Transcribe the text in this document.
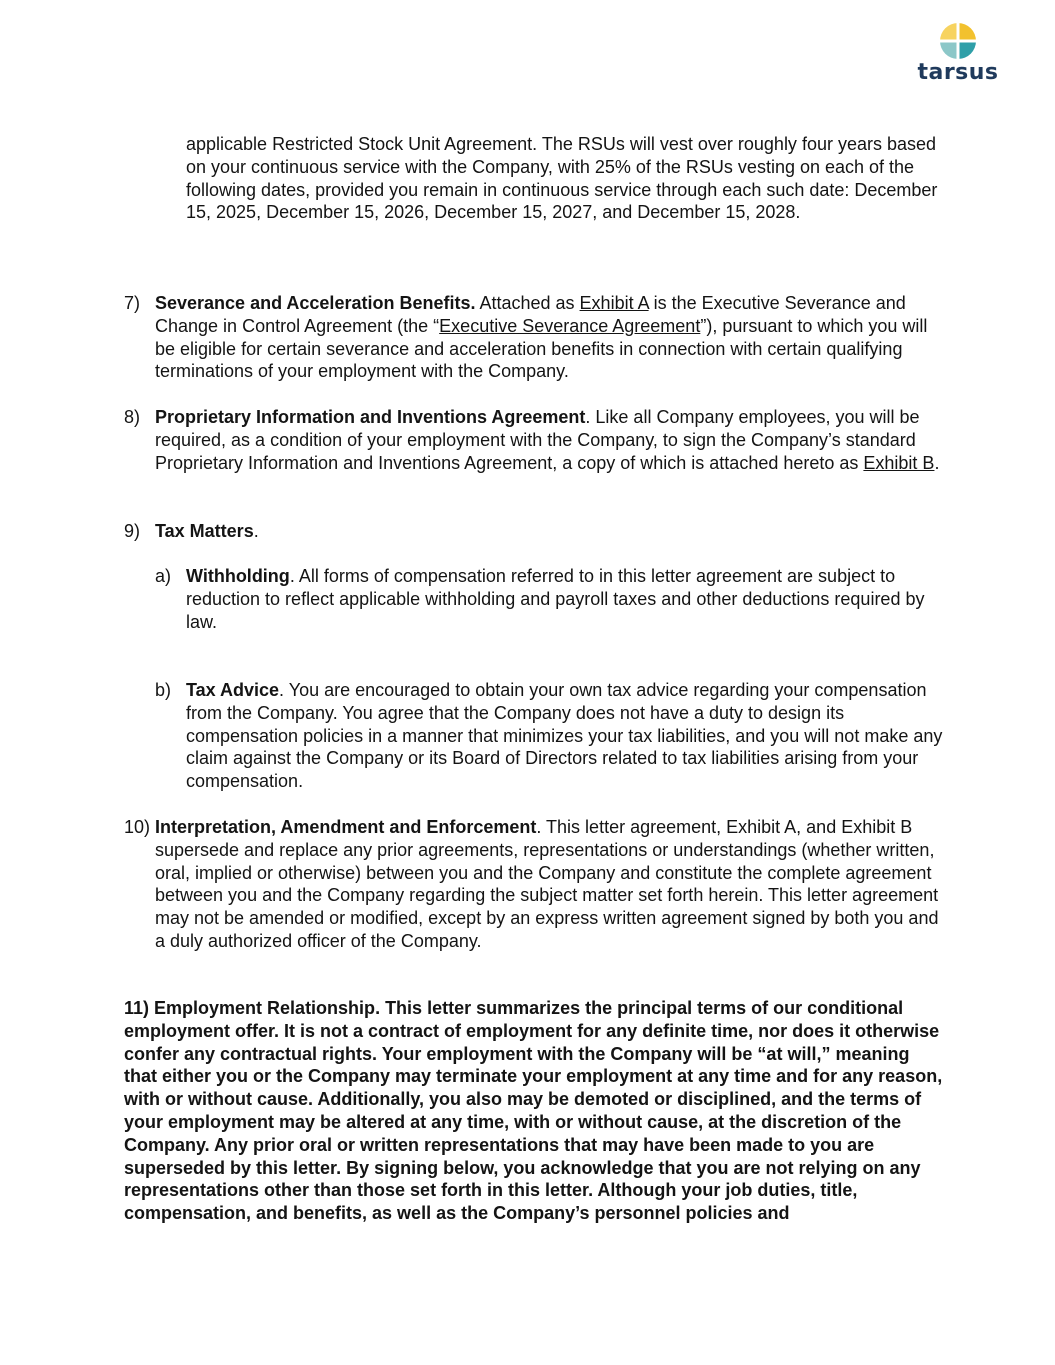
tarsus
applicable Restricted Stock Unit Agreement. The RSUs will vest over roughly four years based on your continuous service with the Company, with 25% of the RSUs vesting on each of the following dates, provided you remain in continuous service through each such date: December 15, 2025, December 15, 2026, December 15, 2027, and December 15, 2028.
7) Severance and Acceleration Benefits. Attached as Exhibit A is the Executive Severance and Change in Control Agreement (the “Executive Severance Agreement”), pursuant to which you will be eligible for certain severance and acceleration benefits in connection with certain qualifying terminations of your employment with the Company.
8) Proprietary Information and Inventions Agreement. Like all Company employees, you will be required, as a condition of your employment with the Company, to sign the Company’s standard Proprietary Information and Inventions Agreement, a copy of which is attached hereto as Exhibit B.
9) Tax Matters.
a) Withholding. All forms of compensation referred to in this letter agreement are subject to reduction to reflect applicable withholding and payroll taxes and other deductions required by law.
b) Tax Advice. You are encouraged to obtain your own tax advice regarding your compensation from the Company. You agree that the Company does not have a duty to design its compensation policies in a manner that minimizes your tax liabilities, and you will not make any claim against the Company or its Board of Directors related to tax liabilities arising from your compensation.
10) Interpretation, Amendment and Enforcement. This letter agreement, Exhibit A, and Exhibit B supersede and replace any prior agreements, representations or understandings (whether written, oral, implied or otherwise) between you and the Company and constitute the complete agreement between you and the Company regarding the subject matter set forth herein. This letter agreement may not be amended or modified, except by an express written agreement signed by both you and a duly authorized officer of the Company.
11) Employment Relationship. This letter summarizes the principal terms of our conditional employment offer. It is not a contract of employment for any definite time, nor does it otherwise confer any contractual rights. Your employment with the Company will be “at will,” meaning that either you or the Company may terminate your employment at any time and for any reason, with or without cause. Additionally, you also may be demoted or disciplined, and the terms of your employment may be altered at any time, with or without cause, at the discretion of the Company. Any prior oral or written representations that may have been made to you are superseded by this letter. By signing below, you acknowledge that you are not relying on any representations other than those set forth in this letter. Although your job duties, title, compensation, and benefits, as well as the Company’s personnel policies and
